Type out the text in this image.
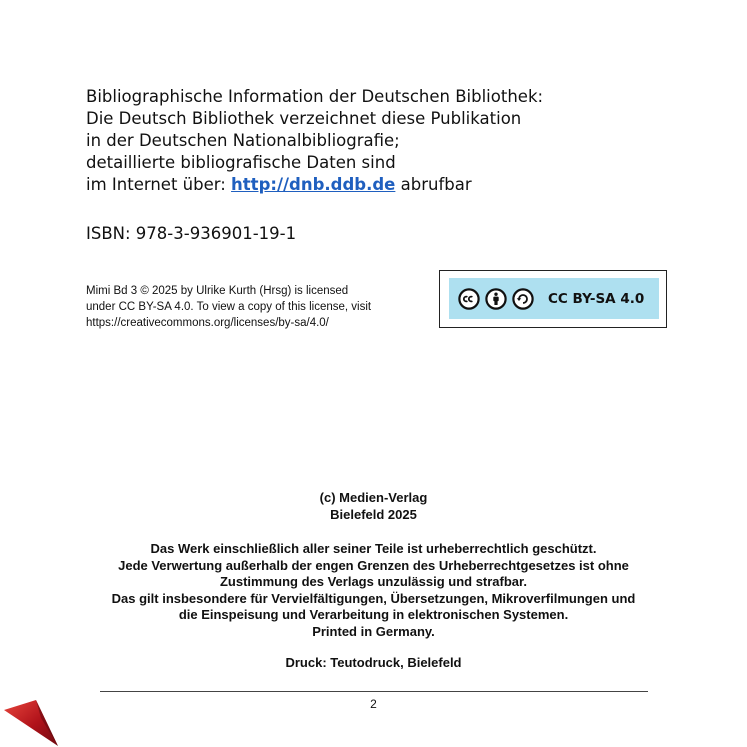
Bibliographische Information der Deutschen Bibliothek:
Die Deutsch Bibliothek verzeichnet diese Publikation
in der Deutschen Nationalbibliografie;
detaillierte bibliografische Daten sind
im Internet über: http://dnb.ddb.de abrufbar
ISBN: 978-3-936901-19-1
Mimi Bd 3 © 2025 by Ulrike Kurth (Hrsg) is licensed
under CC BY-SA 4.0. To view a copy of this license, visit
https://creativecommons.org/licenses/by-sa/4.0/
CC BY-SA 4.0
(c) Medien-Verlag
Bielefeld 2025
Das Werk einschließlich aller seiner Teile ist urheberrechtlich geschützt.
Jede Verwertung außerhalb der engen Grenzen des Urheberrechtgesetzes ist ohne
Zustimmung des Verlags unzulässig und strafbar.
Das gilt insbesondere für Vervielfältigungen, Übersetzungen, Mikroverfilmungen und
die Einspeisung und Verarbeitung in elektronischen Systemen.
Printed in Germany.
Druck: Teutodruck, Bielefeld
2
